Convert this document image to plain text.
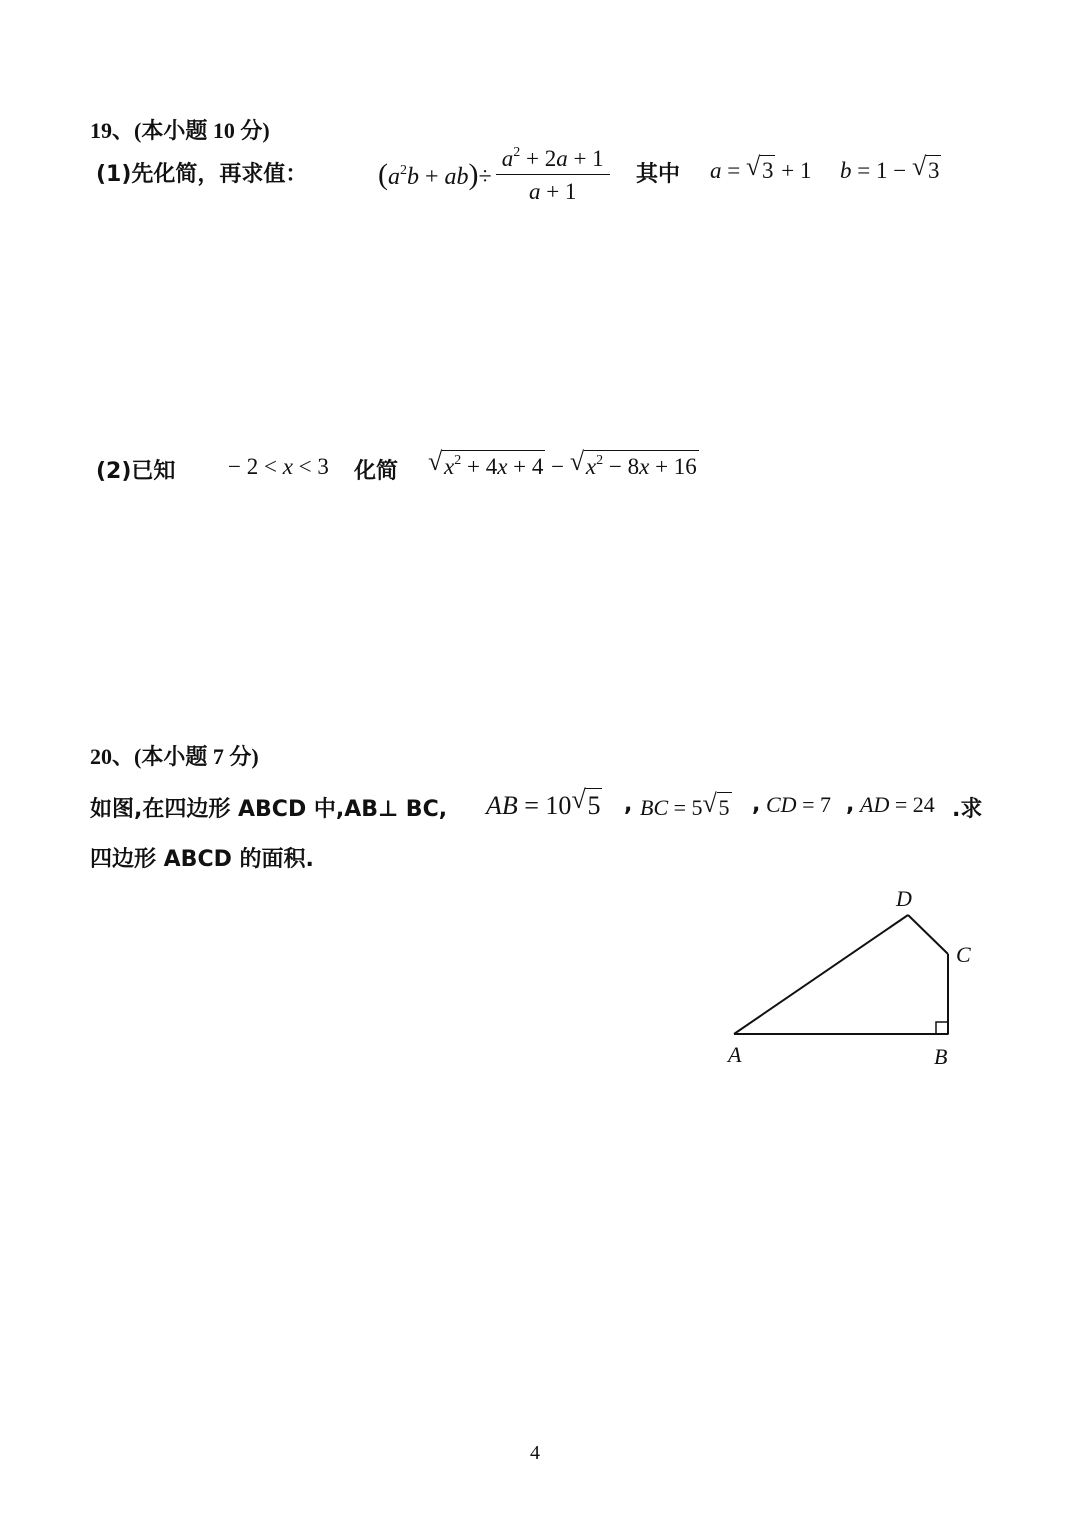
19、(本小题 10 分)
(1)先化简，再求值： $(a^2b + ab)\div \frac{a^2 + 2a + 1}{a + 1}$ 其中 a = √ 3 + 1 b = 1 − √ 3
(2)已知 − 2 < x < 3 化简 √ $x^2 + 4x + 4$ − √ $x^2 - 8x + 16$
20、(本小题 7 分)
如图,在四边形 ABCD 中,AB⊥ BC, AB = 10 √ 5 , BC = 5 √ 5 , CD = 7 , AD = 24 .求
四边形 ABCD 的面积.
D
C
A	B
4
